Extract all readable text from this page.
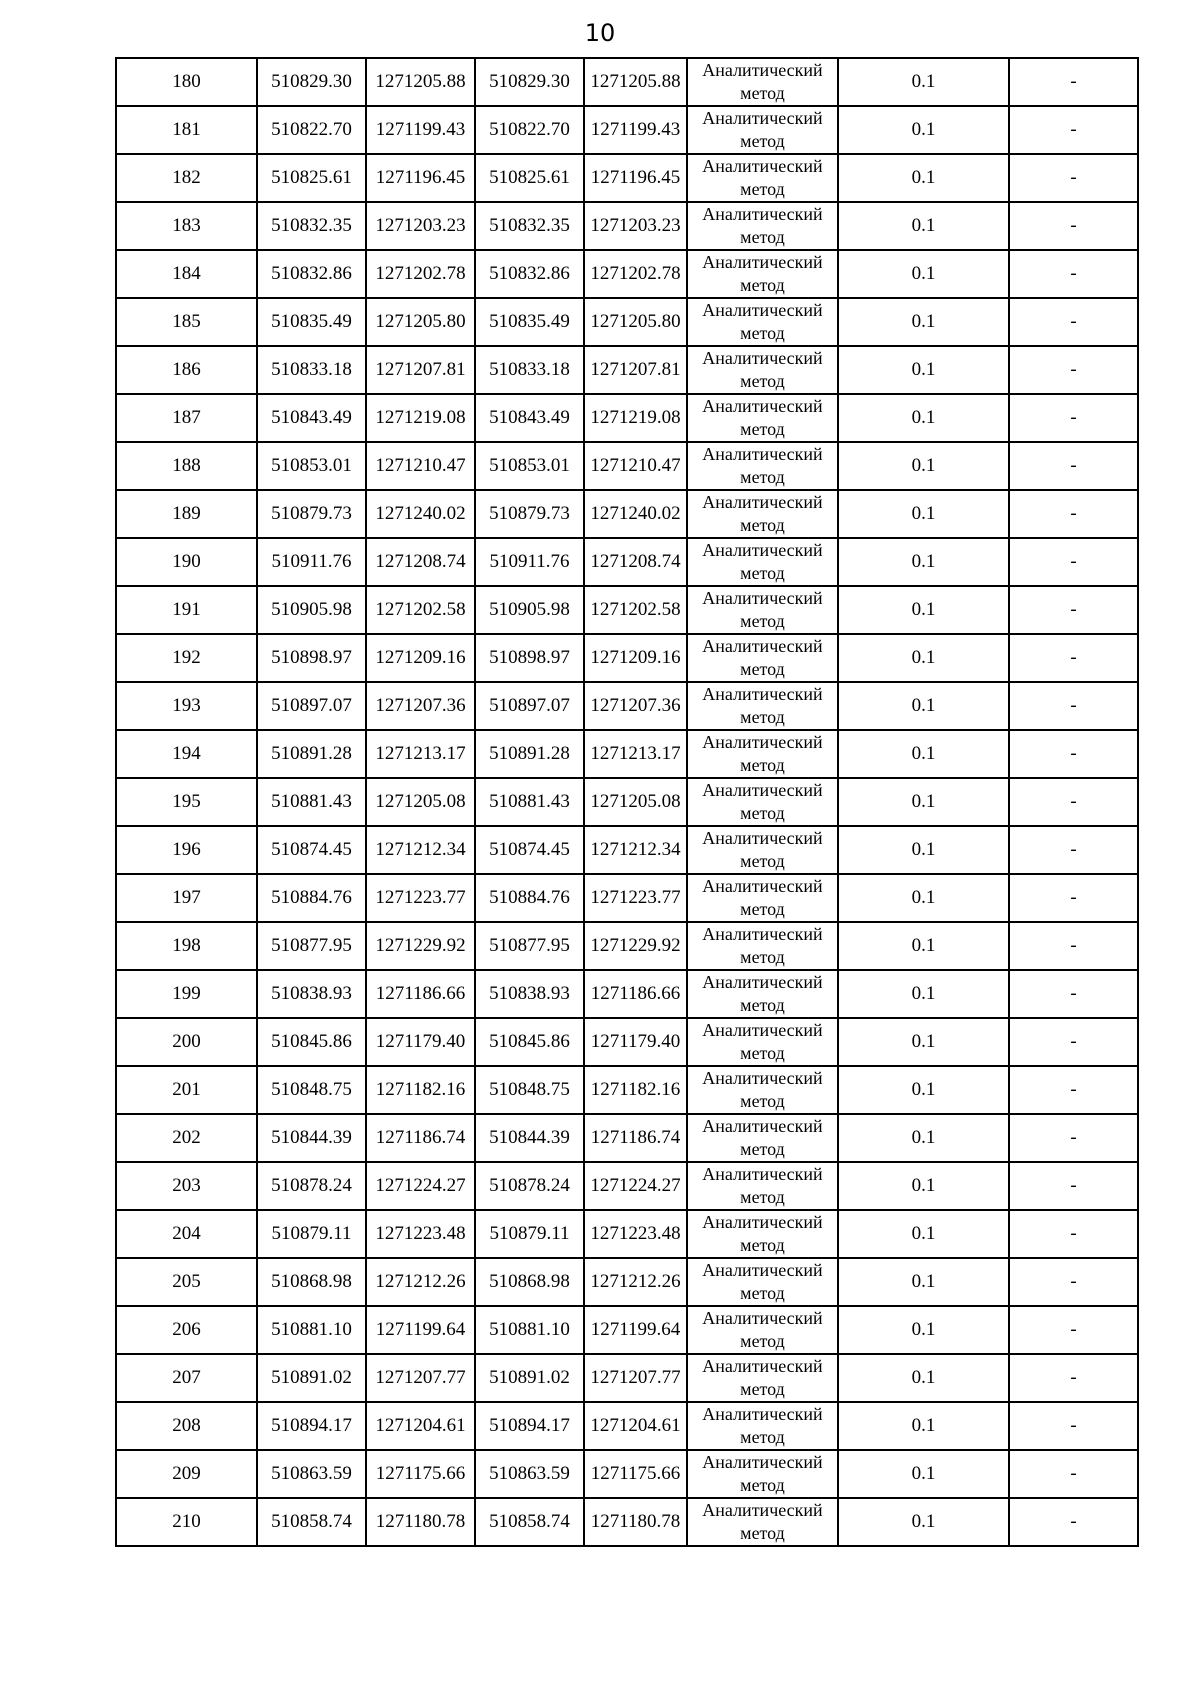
10
180	510829.30	1271205.88	510829.30	1271205.88	Аналитический метод	0.1	-
181	510822.70	1271199.43	510822.70	1271199.43	Аналитический метод	0.1	-
182	510825.61	1271196.45	510825.61	1271196.45	Аналитический метод	0.1	-
183	510832.35	1271203.23	510832.35	1271203.23	Аналитический метод	0.1	-
184	510832.86	1271202.78	510832.86	1271202.78	Аналитический метод	0.1	-
185	510835.49	1271205.80	510835.49	1271205.80	Аналитический метод	0.1	-
186	510833.18	1271207.81	510833.18	1271207.81	Аналитический метод	0.1	-
187	510843.49	1271219.08	510843.49	1271219.08	Аналитический метод	0.1	-
188	510853.01	1271210.47	510853.01	1271210.47	Аналитический метод	0.1	-
189	510879.73	1271240.02	510879.73	1271240.02	Аналитический метод	0.1	-
190	510911.76	1271208.74	510911.76	1271208.74	Аналитический метод	0.1	-
191	510905.98	1271202.58	510905.98	1271202.58	Аналитический метод	0.1	-
192	510898.97	1271209.16	510898.97	1271209.16	Аналитический метод	0.1	-
193	510897.07	1271207.36	510897.07	1271207.36	Аналитический метод	0.1	-
194	510891.28	1271213.17	510891.28	1271213.17	Аналитический метод	0.1	-
195	510881.43	1271205.08	510881.43	1271205.08	Аналитический метод	0.1	-
196	510874.45	1271212.34	510874.45	1271212.34	Аналитический метод	0.1	-
197	510884.76	1271223.77	510884.76	1271223.77	Аналитический метод	0.1	-
198	510877.95	1271229.92	510877.95	1271229.92	Аналитический метод	0.1	-
199	510838.93	1271186.66	510838.93	1271186.66	Аналитический метод	0.1	-
200	510845.86	1271179.40	510845.86	1271179.40	Аналитический метод	0.1	-
201	510848.75	1271182.16	510848.75	1271182.16	Аналитический метод	0.1	-
202	510844.39	1271186.74	510844.39	1271186.74	Аналитический метод	0.1	-
203	510878.24	1271224.27	510878.24	1271224.27	Аналитический метод	0.1	-
204	510879.11	1271223.48	510879.11	1271223.48	Аналитический метод	0.1	-
205	510868.98	1271212.26	510868.98	1271212.26	Аналитический метод	0.1	-
206	510881.10	1271199.64	510881.10	1271199.64	Аналитический метод	0.1	-
207	510891.02	1271207.77	510891.02	1271207.77	Аналитический метод	0.1	-
208	510894.17	1271204.61	510894.17	1271204.61	Аналитический метод	0.1	-
209	510863.59	1271175.66	510863.59	1271175.66	Аналитический метод	0.1	-
210	510858.74	1271180.78	510858.74	1271180.78	Аналитический метод	0.1	-
